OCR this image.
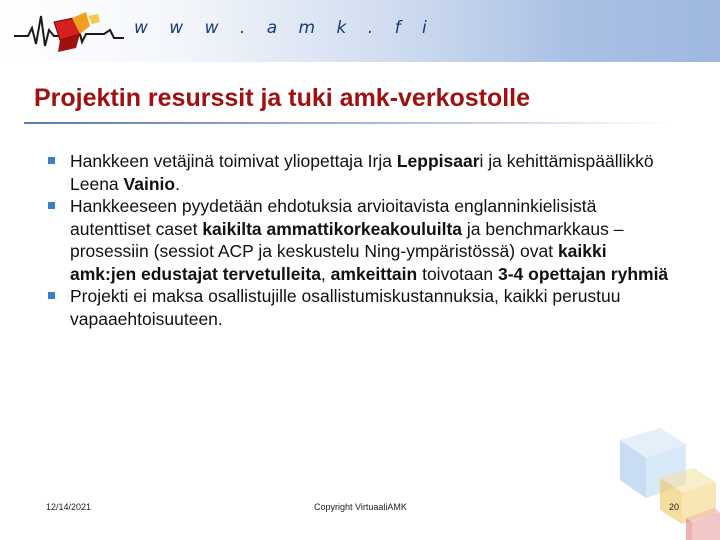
w w w . a m k . f i
Projektin resurssit ja tuki amk-verkostolle
Hankkeen vetäjinä toimivat yliopettaja Irja Leppisaari ja kehittämispäällikkö Leena Vainio.
Hankkeeseen pyydetään ehdotuksia arvioitavista englanninkielisistä autenttiset caset kaikilta ammattikorkeakouluilta ja benchmarkkaus –prosessiin (sessiot ACP ja keskustelu Ning-ympäristössä) ovat kaikki amk:jen edustajat tervetulleita, amkeittain toivotaan 3-4 opettajan ryhmiä
Projekti ei maksa osallistujille osallistumiskustannuksia, kaikki perustuu vapaaehtoisuuteen.
12/14/2021	Copyright VirtuaaliAMK	20
